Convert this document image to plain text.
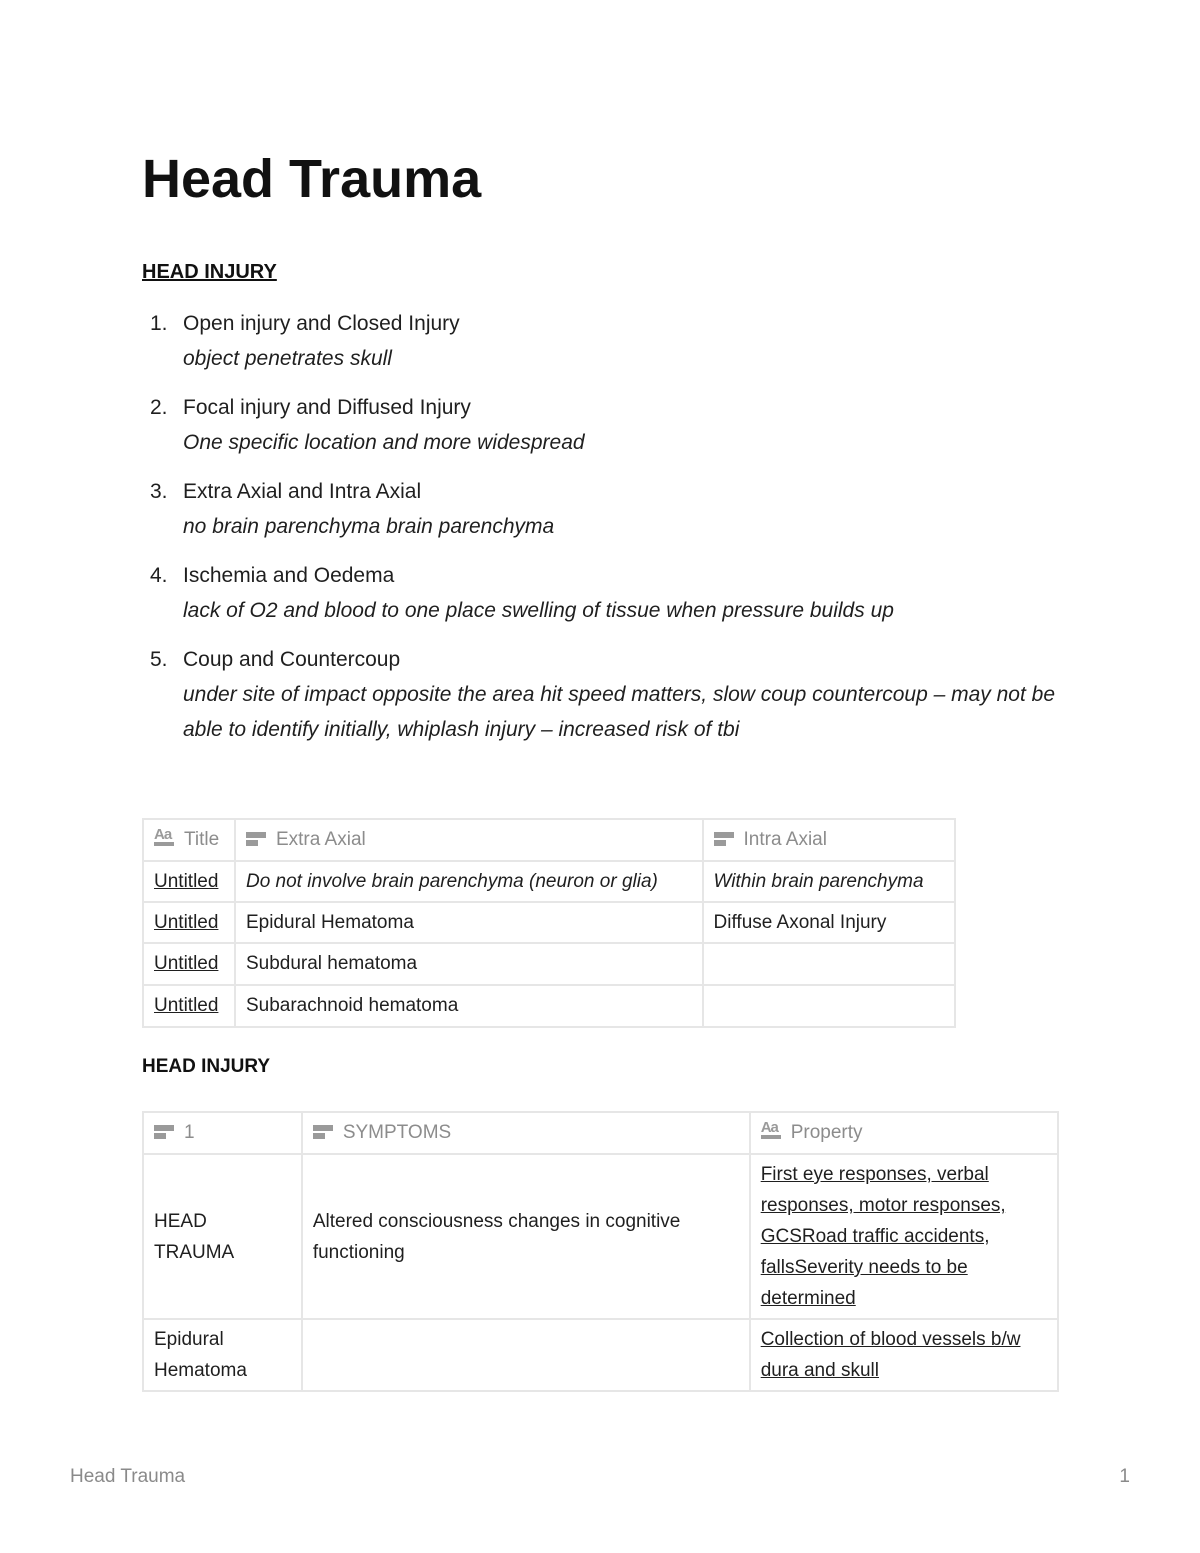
Head Trauma
HEAD INJURY
1. Open injury and Closed Injury
object penetrates skull
2. Focal injury and Diffused Injury
One specific location and more widespread
3. Extra Axial and Intra Axial
no brain parenchyma brain parenchyma
4. Ischemia and Oedema
lack of O2 and blood to one place swelling of tissue when pressure builds up
5. Coup and Countercoup
under site of impact opposite the area hit speed matters, slow coup countercoup – may not be able to identify initially, whiplash injury – increased risk of tbi
AaTitle	Extra Axial	Intra Axial
Untitled	Do not involve brain parenchyma (neuron or glia)	Within brain parenchyma
Untitled	Epidural Hematoma	Diffuse Axonal Injury
Untitled	Subdural hematoma	
Untitled	Subarachnoid hematoma	
HEAD INJURY
1	SYMPTOMS	AaProperty
HEAD TRAUMA	Altered consciousness changes in cognitive functioning	First eye responses, verbal responses, motor responses, GCSRoad traffic accidents, fallsSeverity needs to be determined
Epidural Hematoma		Collection of blood vessels b/w dura and skull
Head Trauma	1
